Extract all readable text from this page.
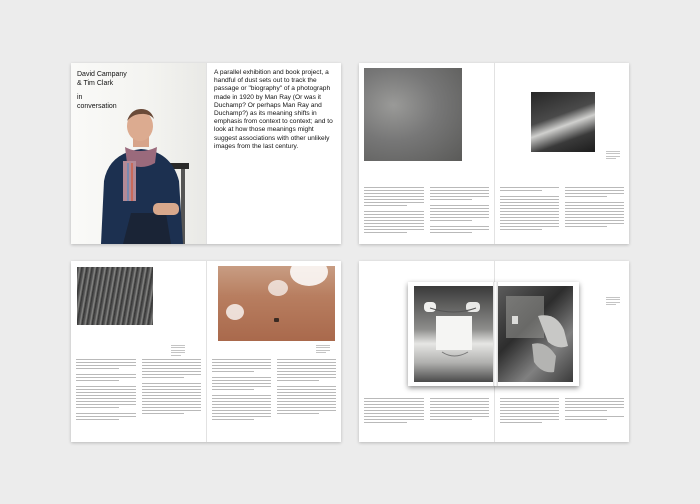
David Campany
& Tim Clark
in
conversation

A parallel exhibition and book project, a handful of dust sets out to track the passage or "biography" of a photograph made in 1920 by Man Ray (Or was it Duchamp? Or perhaps Man Ray and Duchamp?) as its meaning shifts in emphasis from context to context; and to look at how those meanings might suggest associations with other unlikely images from the last century.
